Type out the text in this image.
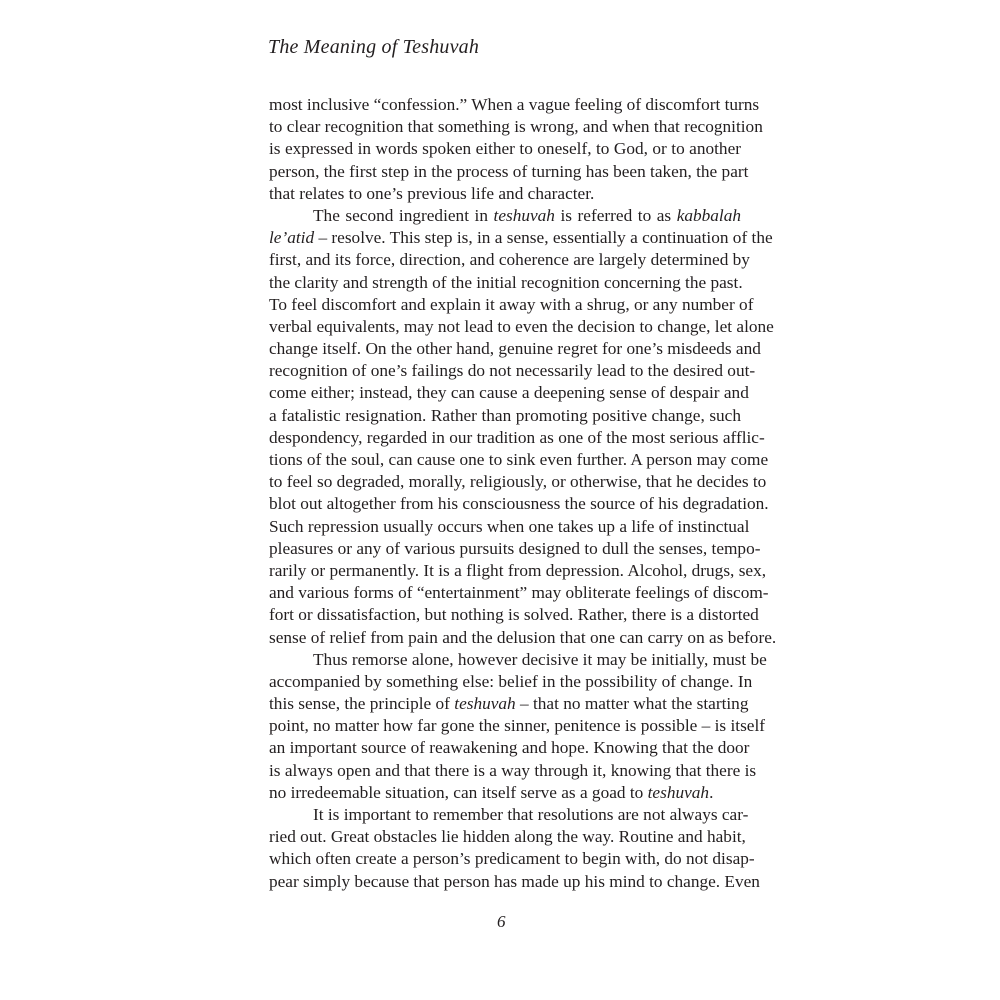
The Meaning of Teshuvah
most inclusive “confession.” When a vague feeling of discomfort turns
to clear recognition that something is wrong, and when that recognition
is expressed in words spoken either to oneself, to God, or to another
person, the first step in the process of turning has been taken, the part
that relates to one’s previous life and character.
The second ingredient in teshuvah is referred to as kabbalah
le’atid – resolve. This step is, in a sense, essentially a continuation of the
first, and its force, direction, and coherence are largely determined by
the clarity and strength of the initial recognition concerning the past.
To feel discomfort and explain it away with a shrug, or any number of
verbal equivalents, may not lead to even the decision to change, let alone
change itself. On the other hand, genuine regret for one’s misdeeds and
recognition of one’s failings do not necessarily lead to the desired out-
come either; instead, they can cause a deepening sense of despair and
a fatalistic resignation. Rather than promoting positive change, such
despondency, regarded in our tradition as one of the most serious afflic-
tions of the soul, can cause one to sink even further. A person may come
to feel so degraded, morally, religiously, or otherwise, that he decides to
blot out altogether from his consciousness the source of his degradation.
Such repression usually occurs when one takes up a life of instinctual
pleasures or any of various pursuits designed to dull the senses, tempo-
rarily or permanently. It is a flight from depression. Alcohol, drugs, sex,
and various forms of “entertainment” may obliterate feelings of discom-
fort or dissatisfaction, but nothing is solved. Rather, there is a distorted
sense of relief from pain and the delusion that one can carry on as before.
Thus remorse alone, however decisive it may be initially, must be
accompanied by something else: belief in the possibility of change. In
this sense, the principle of teshuvah – that no matter what the starting
point, no matter how far gone the sinner, penitence is possible – is itself
an important source of reawakening and hope. Knowing that the door
is always open and that there is a way through it, knowing that there is
no irredeemable situation, can itself serve as a goad to teshuvah.
It is important to remember that resolutions are not always car-
ried out. Great obstacles lie hidden along the way. Routine and habit,
which often create a person’s predicament to begin with, do not disap-
pear simply because that person has made up his mind to change. Even
6
